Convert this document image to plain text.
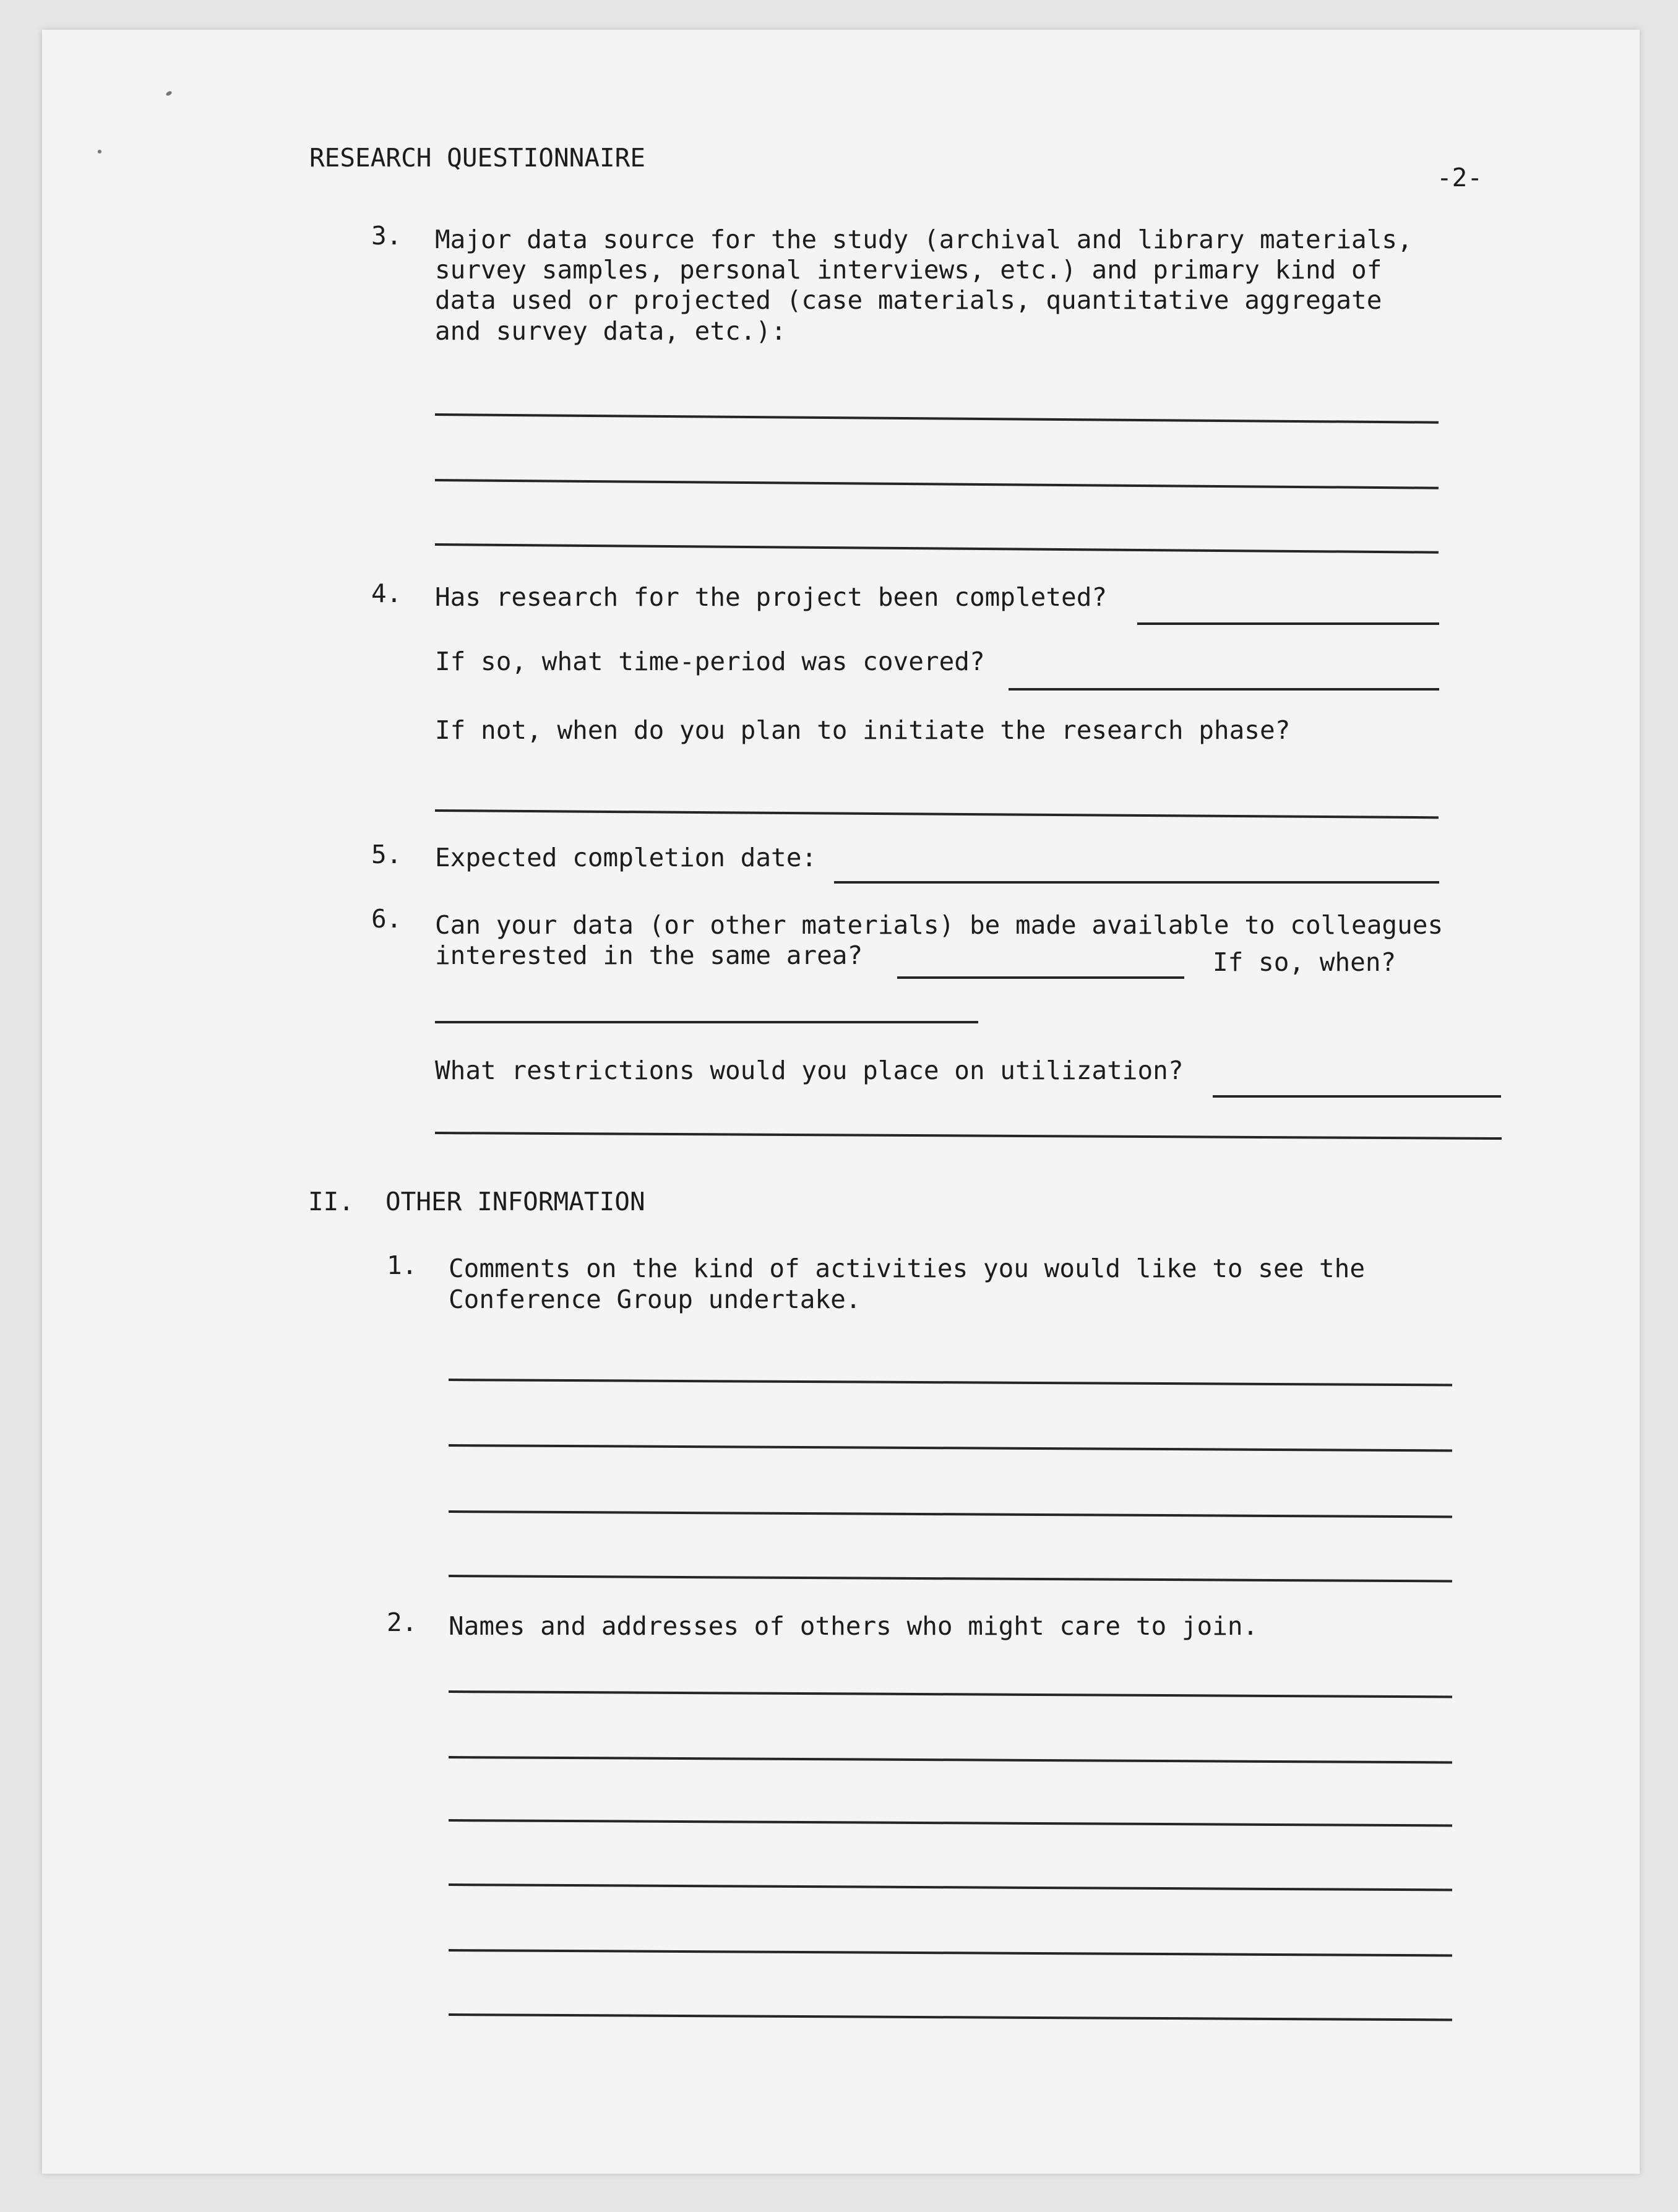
RESEARCH QUESTIONNAIRE
-2-
3. Major data source for the study (archival and library materials,
survey samples, personal interviews, etc.) and primary kind of
data used or projected (case materials, quantitative aggregate
and survey data, etc.):
4. Has research for the project been completed?
If so, what time-period was covered?
If not, when do you plan to initiate the research phase?
5. Expected completion date:
6. Can your data (or other materials) be made available to colleagues
interested in the same area?	If so, when?
What restrictions would you place on utilization?
II. OTHER INFORMATION
1. Comments on the kind of activities you would like to see the
Conference Group undertake.
2. Names and addresses of others who might care to join.
